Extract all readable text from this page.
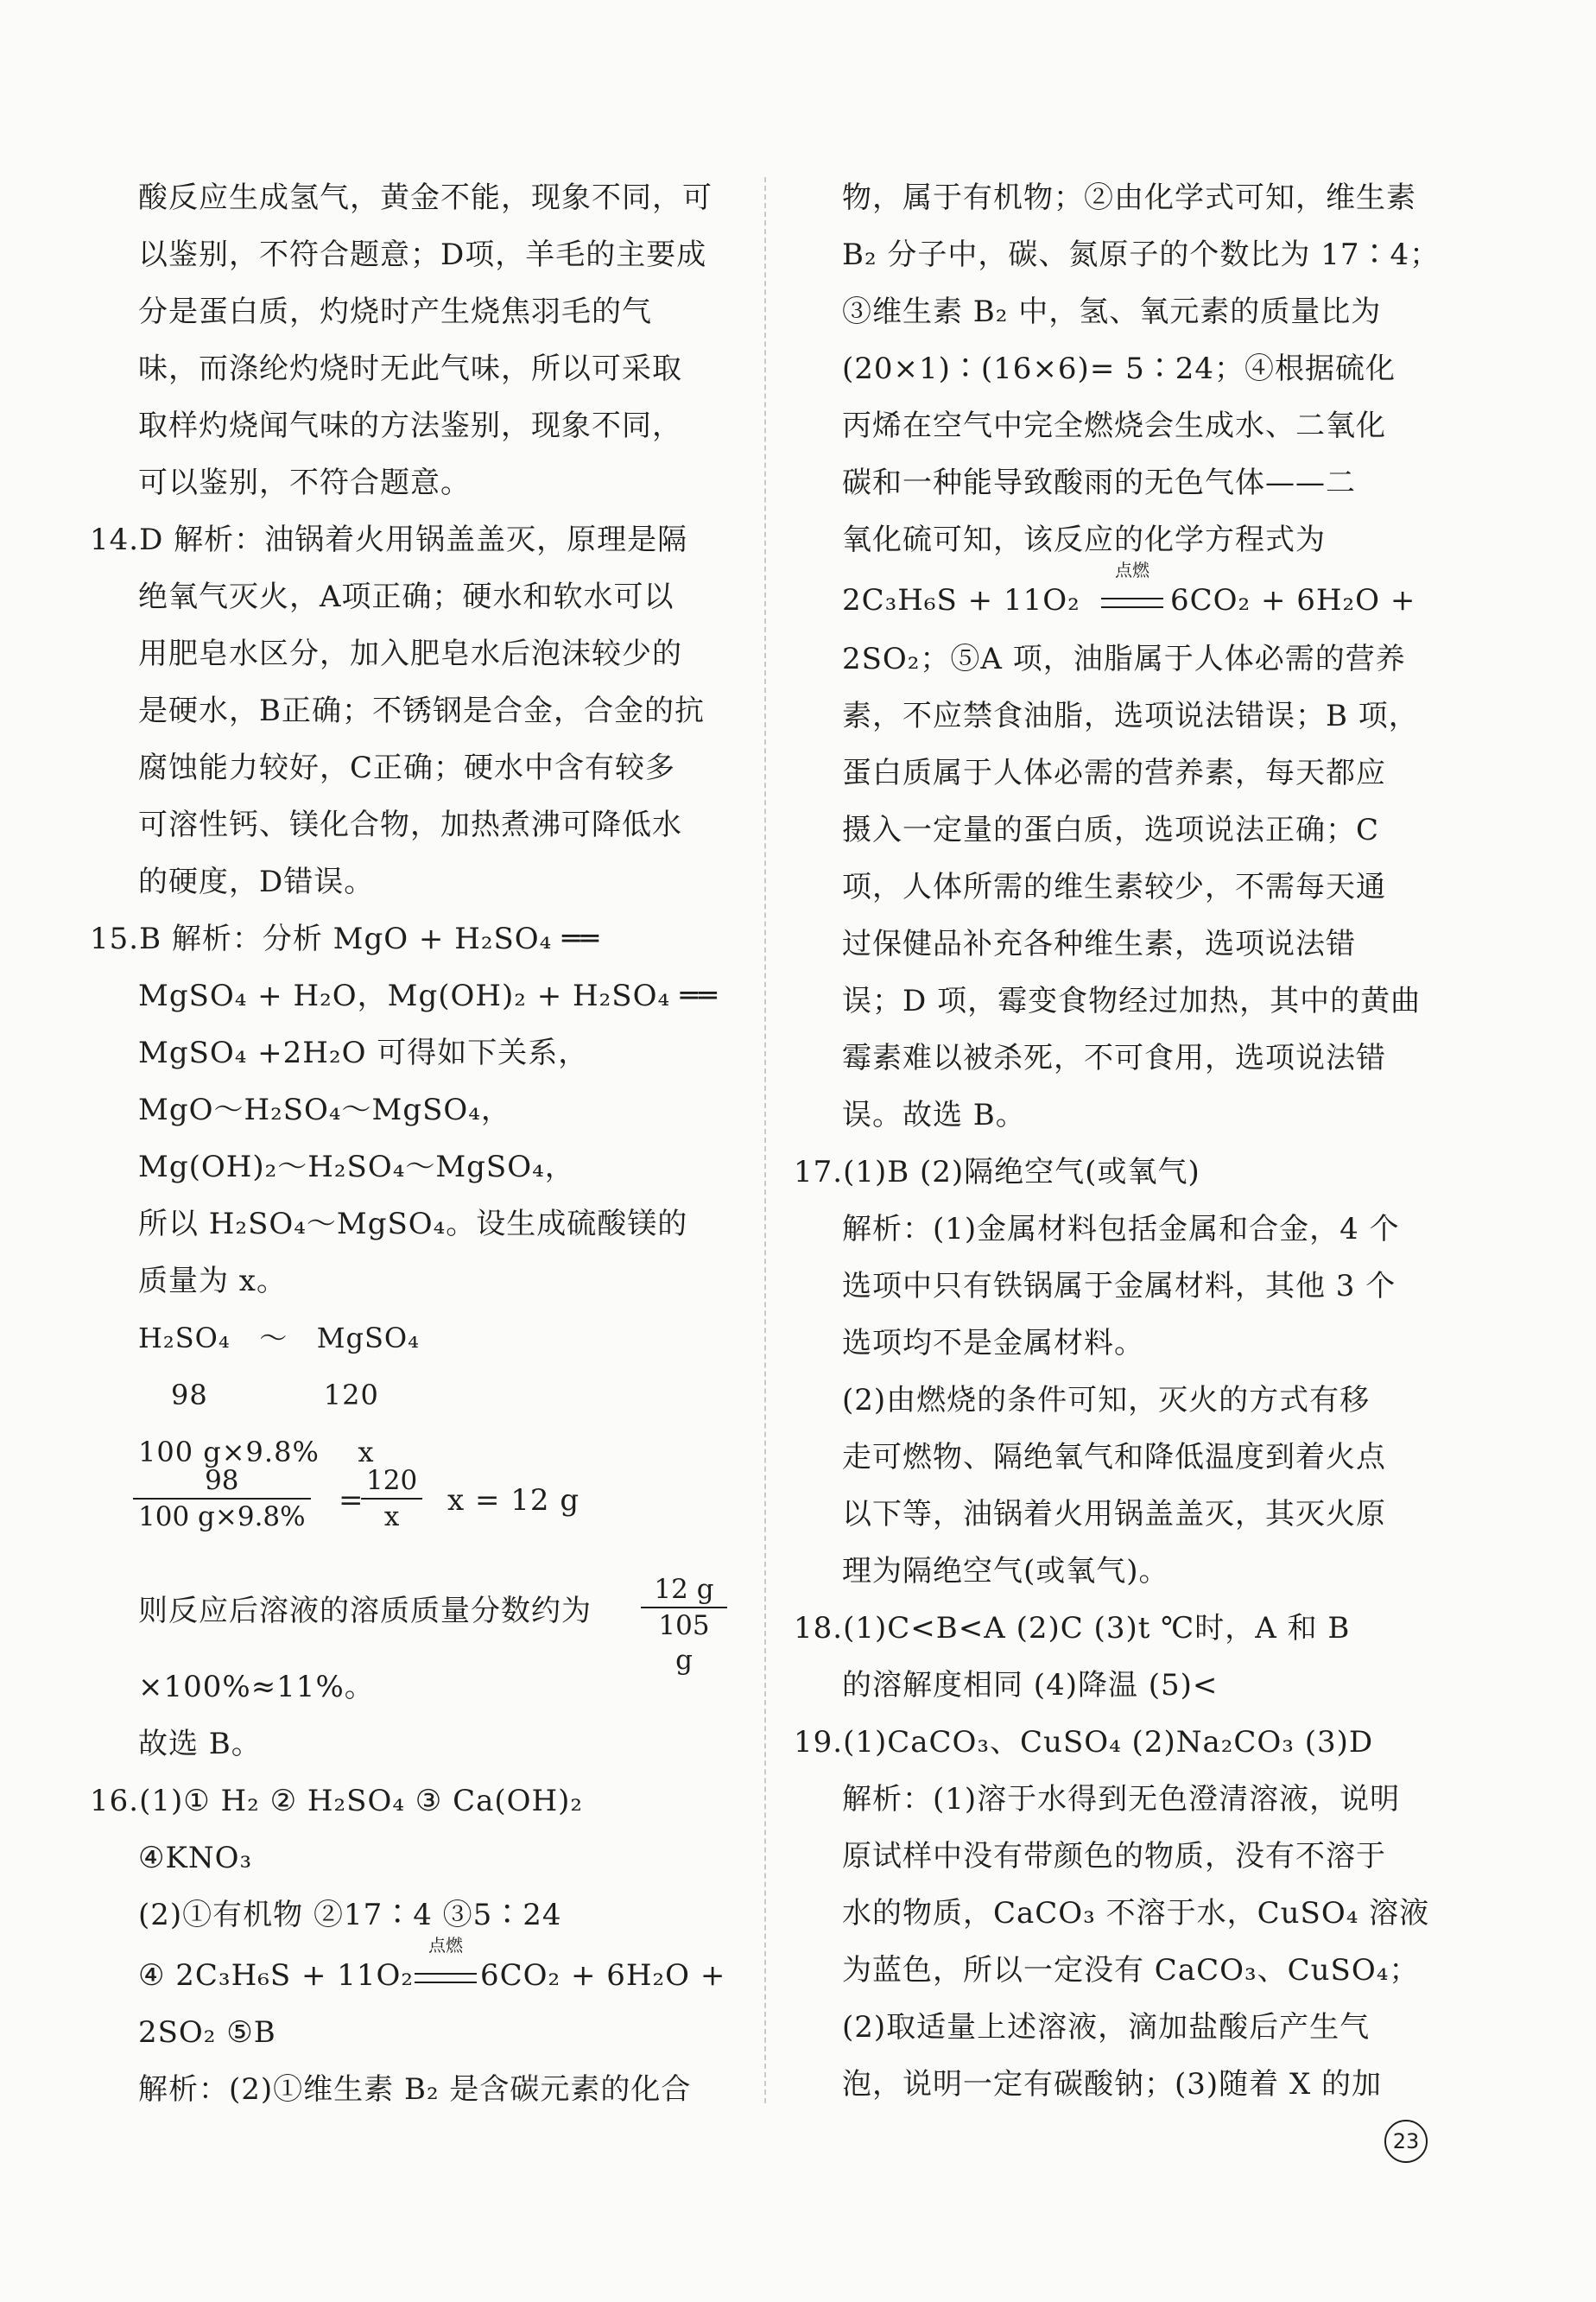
酸反应生成氢气，黄金不能，现象不同，可
以鉴别，不符合题意；D项，羊毛的主要成
分是蛋白质，灼烧时产生烧焦羽毛的气
味，而涤纶灼烧时无此气味，所以可采取
取样灼烧闻气味的方法鉴别，现象不同，
可以鉴别，不符合题意。
14.D 解析：油锅着火用锅盖盖灭，原理是隔
绝氧气灭火，A项正确；硬水和软水可以
用肥皂水区分，加入肥皂水后泡沫较少的
是硬水，B正确；不锈钢是合金，合金的抗
腐蚀能力较好，C正确；硬水中含有较多
可溶性钙、镁化合物，加热煮沸可降低水
的硬度，D错误。
15.B 解析：分析 MgO + H₂SO₄ ══
MgSO₄ + H₂O，Mg(OH)₂ + H₂SO₄ ══
MgSO₄ +2H₂O 可得如下关系，
MgO～H₂SO₄～MgSO₄，
Mg(OH)₂～H₂SO₄～MgSO₄，
所以 H₂SO₄～MgSO₄。设生成硫酸镁的
质量为 x。
H₂SO₄   ～   MgSO₄
98            120
100 g×9.8%    x
$\frac{98}{100 g\times 9.8\%}$ =
$\frac{120}{x}$ x = 12 g
则反应后溶液的溶质质量分数约为	$\frac{12 g}{105 g}$
×100%≈11%。
故选 B。
16.(1)① H₂ ② H₂SO₄ ③ Ca(OH)₂
④KNO₃
(2)①有机物 ②17∶4 ③5∶24
④ 2C₃H₆S + 11O₂
点燃
6CO₂ + 6H₂O +
2SO₂ ⑤B
解析：(2)①维生素 B₂ 是含碳元素的化合
物，属于有机物；②由化学式可知，维生素
B₂ 分子中，碳、氮原子的个数比为 17∶4；
③维生素 B₂ 中，氢、氧元素的质量比为
(20×1)∶(16×6)= 5∶24；④根据硫化
丙烯在空气中完全燃烧会生成水、二氧化
碳和一种能导致酸雨的无色气体——二
氧化硫可知，该反应的化学方程式为
2C₃H₆S + 11O₂
点燃
6CO₂ + 6H₂O +
2SO₂；⑤A 项，油脂属于人体必需的营养
素，不应禁食油脂，选项说法错误；B 项，
蛋白质属于人体必需的营养素，每天都应
摄入一定量的蛋白质，选项说法正确；C
项，人体所需的维生素较少，不需每天通
过保健品补充各种维生素，选项说法错
误；D 项，霉变食物经过加热，其中的黄曲
霉素难以被杀死，不可食用，选项说法错
误。故选 B。
17.(1)B (2)隔绝空气(或氧气)
解析：(1)金属材料包括金属和合金，4 个
选项中只有铁锅属于金属材料，其他 3 个
选项均不是金属材料。
(2)由燃烧的条件可知，灭火的方式有移
走可燃物、隔绝氧气和降低温度到着火点
以下等，油锅着火用锅盖盖灭，其灭火原
理为隔绝空气(或氧气)。
18.(1)C<B<A (2)C (3)t ℃时，A 和 B
的溶解度相同 (4)降温 (5)<
19.(1)CaCO₃、CuSO₄ (2)Na₂CO₃ (3)D
解析：(1)溶于水得到无色澄清溶液，说明
原试样中没有带颜色的物质，没有不溶于
水的物质，CaCO₃ 不溶于水，CuSO₄ 溶液
为蓝色，所以一定没有 CaCO₃、CuSO₄；
(2)取适量上述溶液，滴加盐酸后产生气
泡，说明一定有碳酸钠；(3)随着 X 的加
23
